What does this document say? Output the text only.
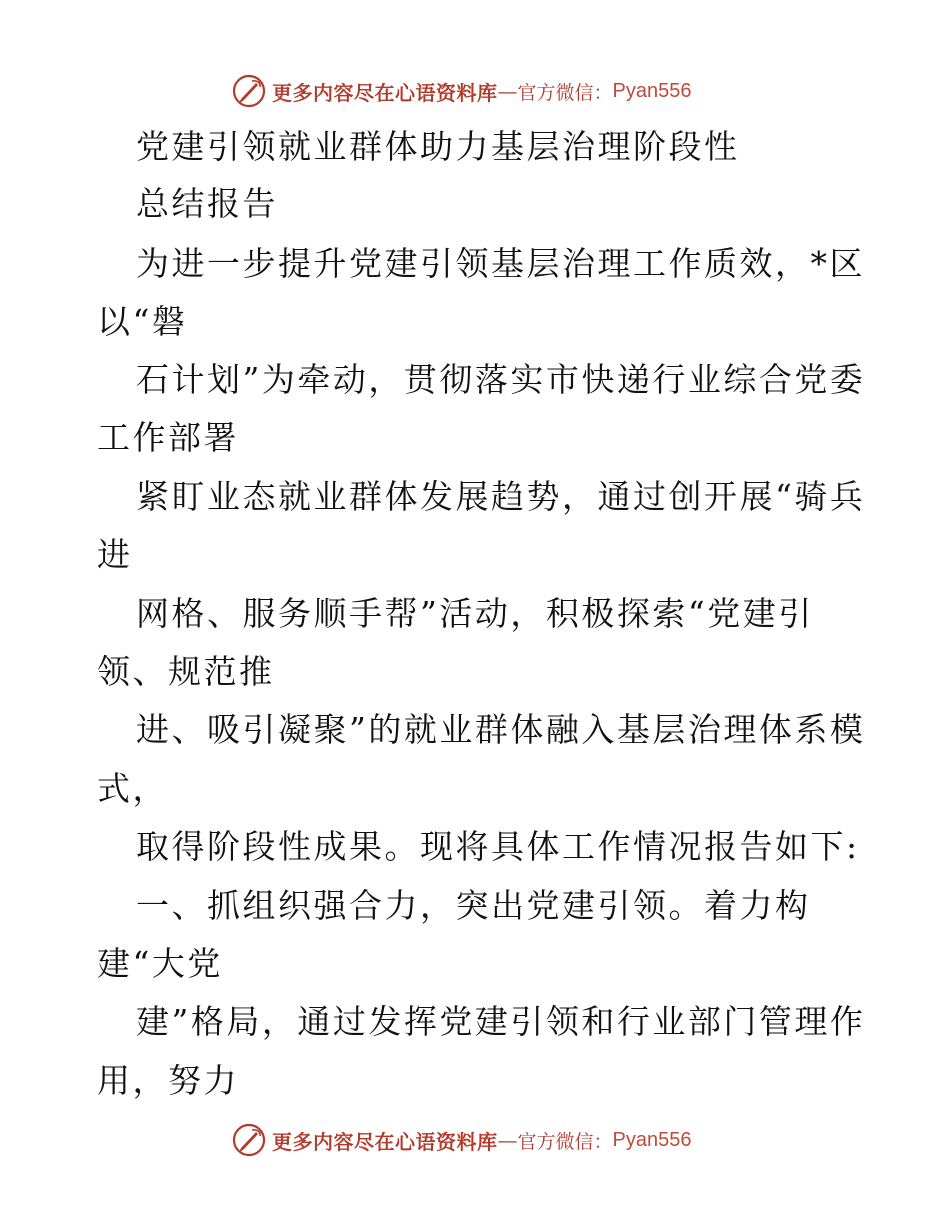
更多内容尽在心语资料库 — 官方微信： Pyan556
党建引领就业群体助力基层治理阶段性
总结报告
为进一步提升党建引领基层治理工作质效，*区
以“磐
石计划”为牵动，贯彻落实市快递行业综合党委
工作部署
紧盯业态就业群体发展趋势，通过创开展“骑兵
进
网格、服务顺手帮”活动，积极探索“党建引
领、规范推
进、吸引凝聚”的就业群体融入基层治理体系模
式，
取得阶段性成果。现将具体工作情况报告如下:
一、抓组织强合力，突出党建引领。着力构
建“大党
建”格局，通过发挥党建引领和行业部门管理作
用，努力
更多内容尽在心语资料库 — 官方微信： Pyan556
